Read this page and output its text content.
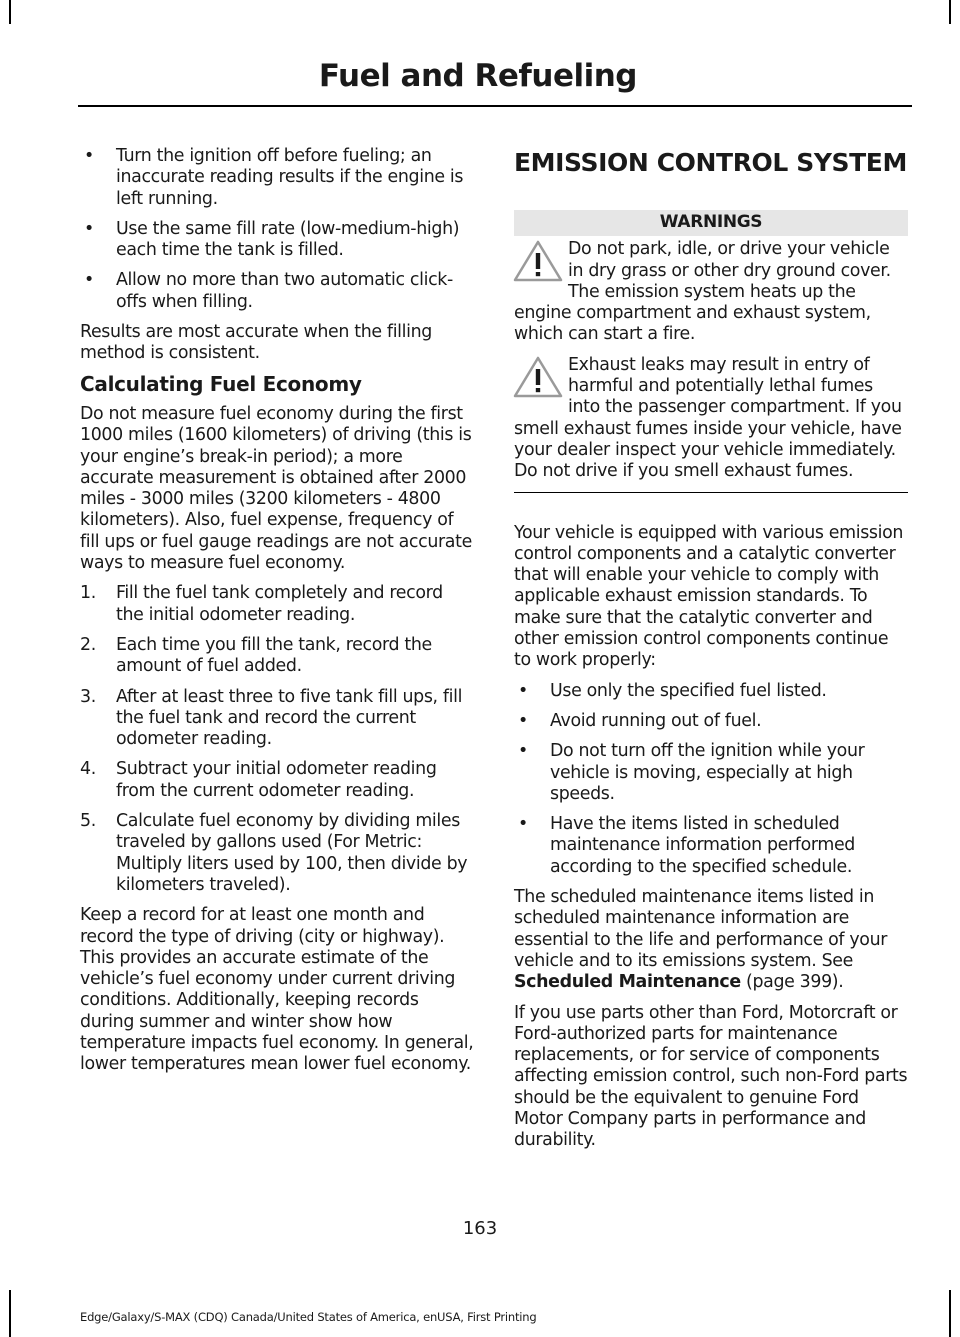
Fuel and Refueling
• Turn the ignition off before fueling; an inaccurate reading results if the engine is left running.
• Use the same fill rate (low-medium-high) each time the tank is filled.
• Allow no more than two automatic click-offs when filling.

Results are most accurate when the filling method is consistent.

Calculating Fuel Economy

Do not measure fuel economy during the first 1000 miles (1600 kilometers) of driving (this is your engine’s break-in period); a more accurate measurement is obtained after 2000 miles - 3000 miles (3200 kilometers - 4800 kilometers). Also, fuel expense, frequency of fill ups or fuel gauge readings are not accurate ways to measure fuel economy.

1. Fill the fuel tank completely and record the initial odometer reading.
2. Each time you fill the tank, record the amount of fuel added.
3. After at least three to five tank fill ups, fill the fuel tank and record the current odometer reading.
4. Subtract your initial odometer reading from the current odometer reading.
5. Calculate fuel economy by dividing miles traveled by gallons used (For Metric: Multiply liters used by 100, then divide by kilometers traveled).

Keep a record for at least one month and record the type of driving (city or highway). This provides an accurate estimate of the vehicle’s fuel economy under current driving conditions. Additionally, keeping records during summer and winter show how temperature impacts fuel economy. In general, lower temperatures mean lower fuel economy.

EMISSION CONTROL SYSTEM
WARNINGS

Do not park, idle, or drive your vehicle in dry grass or other dry ground cover. The emission system heats up the engine compartment and exhaust system, which can start a fire.

Exhaust leaks may result in entry of harmful and potentially lethal fumes into the passenger compartment. If you smell exhaust fumes inside your vehicle, have your dealer inspect your vehicle immediately. Do not drive if you smell exhaust fumes.

Your vehicle is equipped with various emission control components and a catalytic converter that will enable your vehicle to comply with applicable exhaust emission standards. To make sure that the catalytic converter and other emission control components continue to work properly:

• Use only the specified fuel listed.
• Avoid running out of fuel.
• Do not turn off the ignition while your vehicle is moving, especially at high speeds.
• Have the items listed in scheduled maintenance information performed according to the specified schedule.

The scheduled maintenance items listed in scheduled maintenance information are essential to the life and performance of your vehicle and to its emissions system. See Scheduled Maintenance (page 399).

If you use parts other than Ford, Motorcraft or Ford-authorized parts for maintenance replacements, or for service of components affecting emission control, such non-Ford parts should be the equivalent to genuine Ford Motor Company parts in performance and durability.

163
Edge/Galaxy/S-MAX (CDQ) Canada/United States of America, enUSA, First Printing
